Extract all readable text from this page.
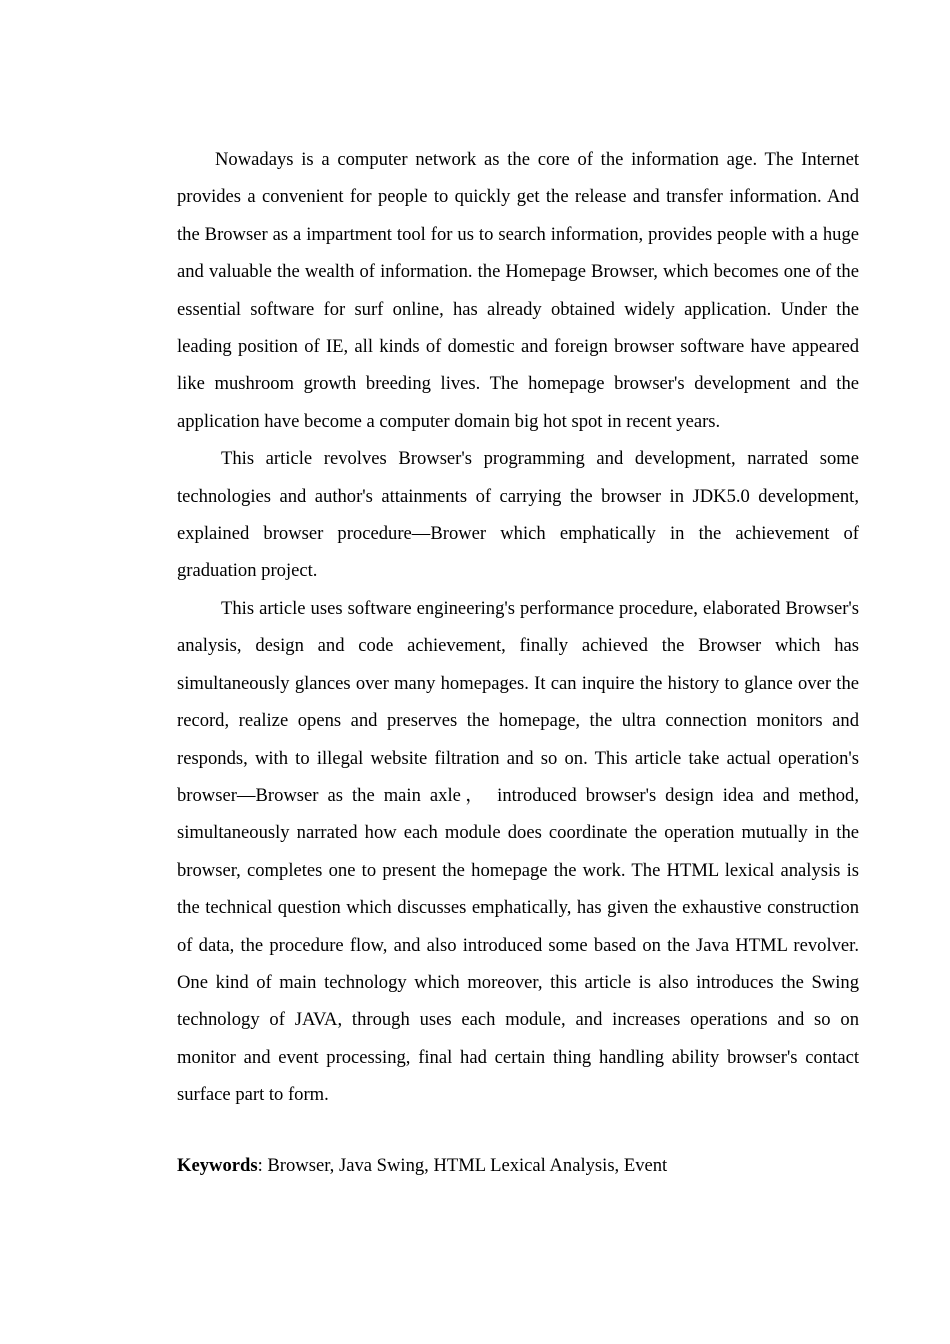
Nowadays is a computer network as the core of the information age. The Internet provides a convenient for people to quickly get the release and transfer information. And the Browser as a impartment tool for us to search information, provides people with a huge and valuable the wealth of information. the Homepage Browser, which becomes one of the essential software for surf online, has already obtained widely application. Under the leading position of IE, all kinds of domestic and foreign browser software have appeared like mushroom growth breeding lives. The homepage browser's development and the application have become a computer domain big hot spot in recent years.

This article revolves Browser's programming and development, narrated some technologies and author's attainments of carrying the browser in JDK5.0 development, explained browser procedure—Brower which emphatically in the achievement of graduation project.

This article uses software engineering's performance procedure, elaborated Browser's analysis, design and code achievement, finally achieved the Browser which has simultaneously glances over many homepages. It can inquire the history to glance over the record, realize opens and preserves the homepage, the ultra connection monitors and responds, with to illegal website filtration and so on. This article take actual operation's browser—Browser as the main axle， introduced browser's design idea and method, simultaneously narrated how each module does coordinate the operation mutually in the browser, completes one to present the homepage the work. The HTML lexical analysis is the technical question which discusses emphatically, has given the exhaustive construction of data, the procedure flow, and also introduced some based on the Java HTML revolver. One kind of main technology which moreover, this article is also introduces the Swing technology of JAVA, through uses each module, and increases operations and so on monitor and event processing, final had certain thing handling ability browser's contact surface part to form.

Keywords: Browser, Java Swing, HTML Lexical Analysis, Event
